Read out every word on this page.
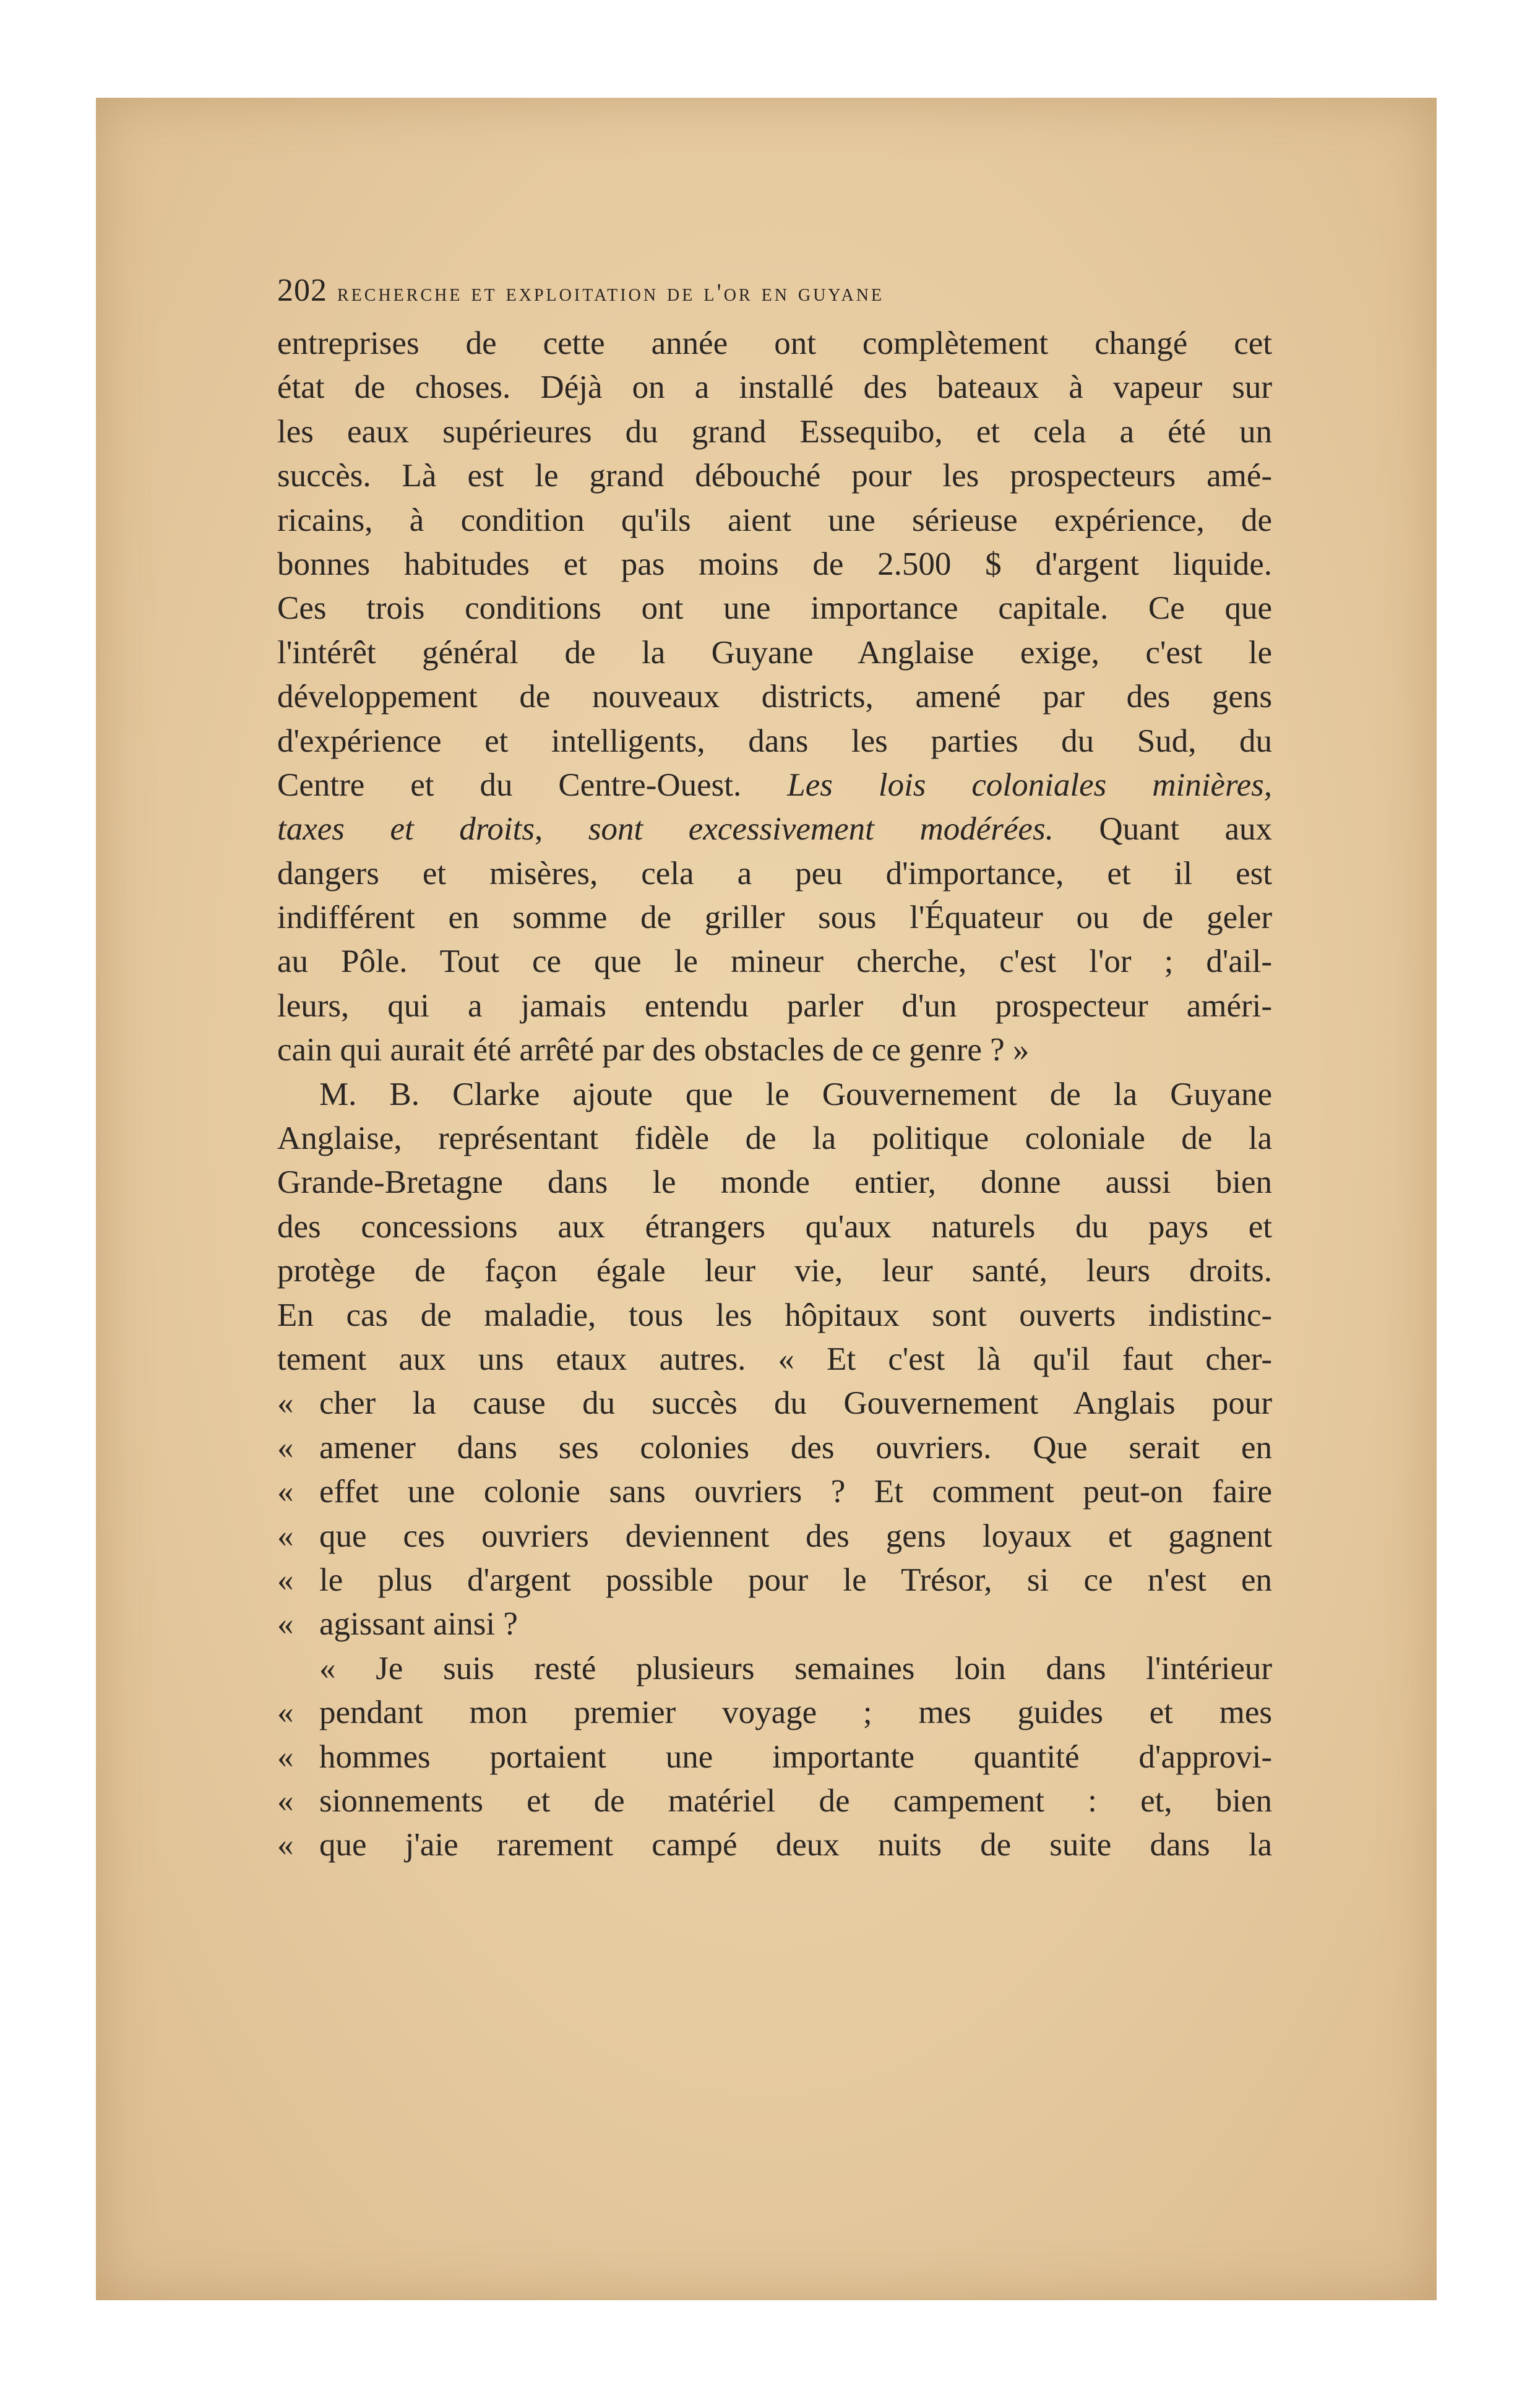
202 recherche et exploitation de l'or en guyane
entreprises de cette année ont complètement changé cet
état de choses. Déjà on a installé des bateaux à vapeur sur
les eaux supérieures du grand Essequibo, et cela a été un
succès. Là est le grand débouché pour les prospecteurs amé-
ricains, à condition qu'ils aient une sérieuse expérience, de
bonnes habitudes et pas moins de 2.500 $ d'argent liquide.
Ces trois conditions ont une importance capitale. Ce que
l'intérêt général de la Guyane Anglaise exige, c'est le
développement de nouveaux districts, amené par des gens
d'expérience et intelligents, dans les parties du Sud, du
Centre et du Centre-Ouest. Les lois coloniales minières,
taxes et droits, sont excessivement modérées. Quant aux
dangers et misères, cela a peu d'importance, et il est
indifférent en somme de griller sous l'Équateur ou de geler
au Pôle. Tout ce que le mineur cherche, c'est l'or ; d'ail-
leurs, qui a jamais entendu parler d'un prospecteur améri-
cain qui aurait été arrêté par des obstacles de ce genre ? »
M. B. Clarke ajoute que le Gouvernement de la Guyane
Anglaise, représentant fidèle de la politique coloniale de la
Grande-Bretagne dans le monde entier, donne aussi bien
des concessions aux étrangers qu'aux naturels du pays et
protège de façon égale leur vie, leur santé, leurs droits.
En cas de maladie, tous les hôpitaux sont ouverts indistinc-
tement aux uns etaux autres. « Et c'est là qu'il faut cher-
« cher la cause du succès du Gouvernement Anglais pour
« amener dans ses colonies des ouvriers. Que serait en
« effet une colonie sans ouvriers ? Et comment peut-on faire
« que ces ouvriers deviennent des gens loyaux et gagnent
« le plus d'argent possible pour le Trésor, si ce n'est en
« agissant ainsi ?
« Je suis resté plusieurs semaines loin dans l'intérieur
« pendant mon premier voyage ; mes guides et mes
« hommes portaient une importante quantité d'approvi-
« sionnements et de matériel de campement : et, bien
« que j'aie rarement campé deux nuits de suite dans la
